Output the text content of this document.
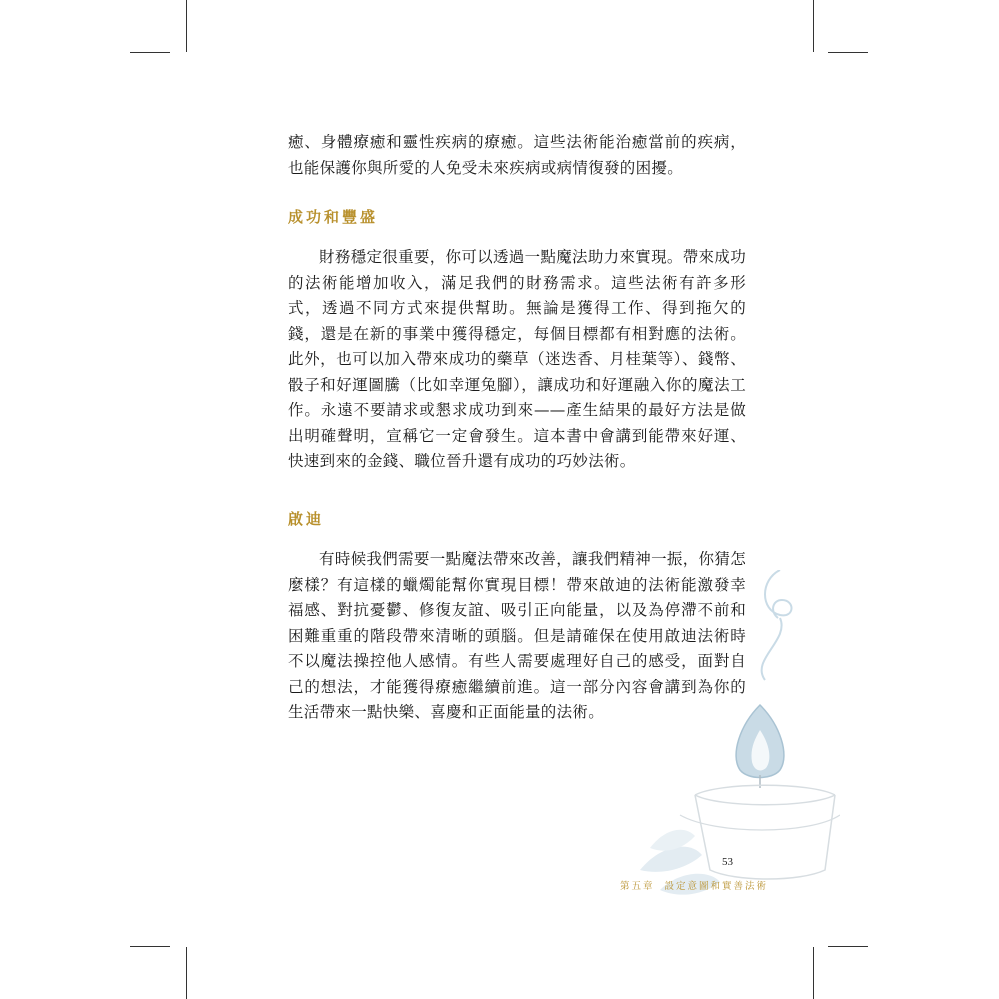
癒、身體療癒和靈性疾病的療癒。這些法術能治癒當前的疾病，也能保護你與所愛的人免受未來疾病或病情復發的困擾。

成功和豐盛

財務穩定很重要，你可以透過一點魔法助力來實現。帶來成功的法術能增加收入，滿足我們的財務需求。這些法術有許多形式，透過不同方式來提供幫助。無論是獲得工作、得到拖欠的錢，還是在新的事業中獲得穩定，每個目標都有相對應的法術。此外，也可以加入帶來成功的藥草（迷迭香、月桂葉等）、錢幣、骰子和好運圖騰（比如幸運兔腳），讓成功和好運融入你的魔法工作。永遠不要請求或懇求成功到來——產生結果的最好方法是做出明確聲明，宣稱它一定會發生。這本書中會講到能帶來好運、快速到來的金錢、職位晉升還有成功的巧妙法術。

啟迪

有時候我們需要一點魔法帶來改善，讓我們精神一振，你猜怎麼樣？有這樣的蠟燭能幫你實現目標！帶來啟迪的法術能激發幸福感、對抗憂鬱、修復友誼、吸引正向能量，以及為停滯不前和困難重重的階段帶來清晰的頭腦。但是請確保在使用啟迪法術時不以魔法操控他人感情。有些人需要處理好自己的感受，面對自己的想法，才能獲得療癒繼續前進。這一部分內容會講到為你的生活帶來一點快樂、喜慶和正面能量的法術。

53
第五章 設定意圖和實善法術
